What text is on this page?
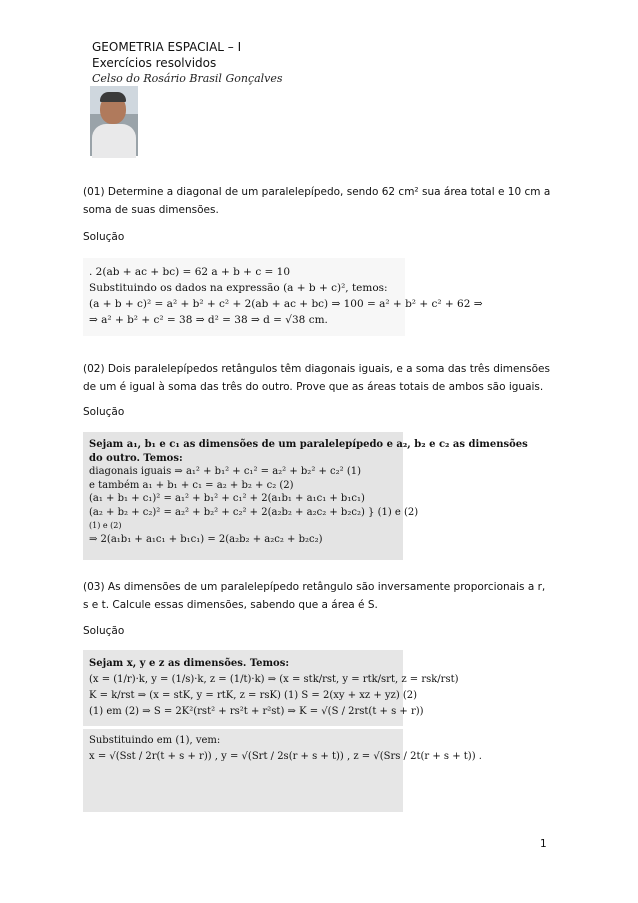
GEOMETRIA ESPACIAL – I
Exercícios resolvidos
Celso do Rosário Brasil Gonçalves
(01) Determine a diagonal de um paralelepípedo, sendo 62 cm² sua área total e 10 cm a soma de suas dimensões.
Solução
. 2(ab + ac + bc) = 62 a + b + c = 10
Substituindo os dados na expressão (a + b + c)², temos:
(a + b + c)² = a² + b² + c² + 2(ab + ac + bc) ⇒ 100 = a² + b² + c² + 62 ⇒
⇒ a² + b² + c² = 38 ⇒ d² = 38 ⇒ d = √38 cm.
(02) Dois paralelepípedos retângulos têm diagonais iguais, e a soma das três dimensões de um é igual à soma das três do outro. Prove que as áreas totais de ambos são iguais.
Solução
Sejam a₁, b₁ e c₁ as dimensões de um paralelepípedo e a₂, b₂ e c₂ as dimensões
do outro. Temos:
diagonais iguais ⇒ a₁² + b₁² + c₁² = a₂² + b₂² + c₂² (1)
e também a₁ + b₁ + c₁ = a₂ + b₂ + c₂ (2)
(a₁ + b₁ + c₁)² = a₁² + b₁² + c₁² + 2(a₁b₁ + a₁c₁ + b₁c₁)
(a₂ + b₂ + c₂)² = a₂² + b₂² + c₂² + 2(a₂b₂ + a₂c₂ + b₂c₂) } (1) e (2)
(1) e (2)
⇒ 2(a₁b₁ + a₁c₁ + b₁c₁) = 2(a₂b₂ + a₂c₂ + b₂c₂)
(03) As dimensões de um paralelepípedo retângulo são inversamente proporcionais a r, s e t. Calcule essas dimensões, sabendo que a área é S.
Solução
Sejam x, y e z as dimensões. Temos:
(x = (1/r)·k, y = (1/s)·k, z = (1/t)·k) ⇒ (x = stk/rst, y = rtk/srt, z = rsk/rst)
K = k/rst ⇒ (x = stK, y = rtK, z = rsK) (1) S = 2(xy + xz + yz) (2)
(1) em (2) ⇒ S = 2K²(rst² + rs²t + r²st) ⇒ K = √(S / 2rst(t + s + r))
Substituindo em (1), vem:
x = √(Sst / 2r(t + s + r)) , y = √(Srt / 2s(r + s + t)) , z = √(Srs / 2t(r + s + t)) .
1
